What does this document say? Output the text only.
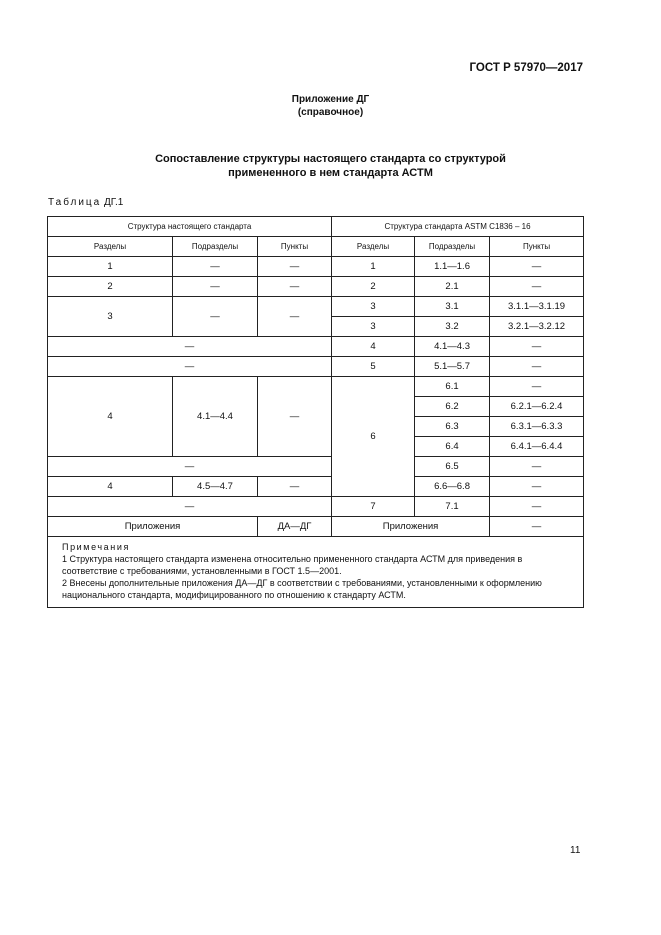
ГОСТ Р 57970—2017
Приложение ДГ
(справочное)
Сопоставление структуры настоящего стандарта со структурой
примененного в нем стандарта АСТМ
Таблица ДГ.1
Структура настоящего стандарта			Структура стандарта ASTM C1836 – 16		
Разделы	Подразделы	Пункты	Разделы	Подразделы	Пункты
1	—	—	1	1.1—1.6	—
2	—	—	2	2.1	—
3	—	—	3	3.1	3.1.1—3.1.19
			3	3.2	3.2.1—3.2.12
—			4	4.1—4.3	—
—			5	5.1—5.7	—
4	4.1—4.4	—	6	6.1	—
				6.2	6.2.1—6.2.4
				6.3	6.3.1—6.3.3
				6.4	6.4.1—6.4.4
—				6.5	—
4	4.5—4.7	—		6.6—6.8	—
—			7	7.1	—
Приложения		ДА—ДГ	Приложения		—

Примечания

1 Структура настоящего стандарта изменена относительно примененного стандарта АСТМ для приведения в соответствие с требованиями, установленными в ГОСТ 1.5—2001.

2 Внесены дополнительные приложения ДА—ДГ в соответствии с требованиями, установленными к оформлению национального стандарта, модифицированного по отношению к стандарту АСТМ.					

11
